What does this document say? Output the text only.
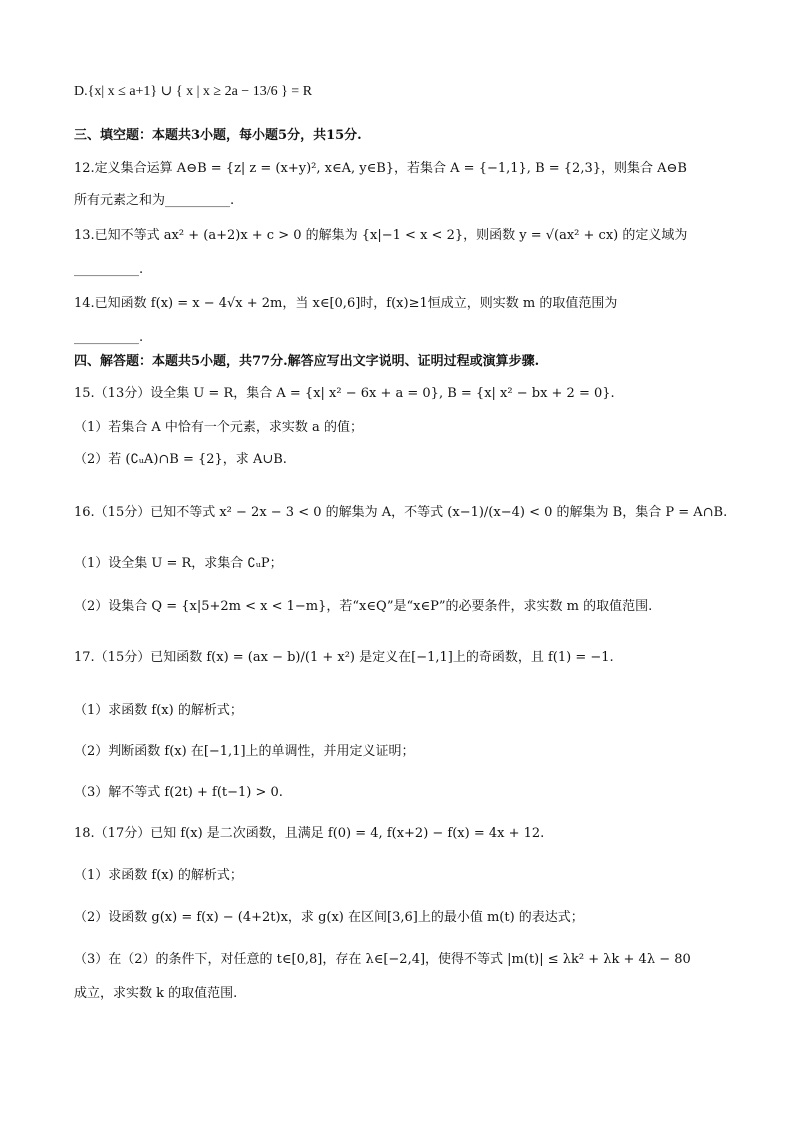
D.{x| x ≤ a+1} ∪ { x | x ≥ 2a − 13/6 } = R
三、填空题：本题共3小题，每小题5分，共15分.
12.定义集合运算 A⊖B = {z| z = (x+y)², x∈A, y∈B}，若集合 A = {−1,1}, B = {2,3}，则集合 A⊖B
所有元素之和为__________.
13.已知不等式 ax² + (a+2)x + c > 0 的解集为 {x|−1 < x < 2}，则函数 y = √(ax² + cx) 的定义域为
__________.
14.已知函数 f(x) = x − 4√x + 2m，当 x∈[0,6]时，f(x)≥1恒成立，则实数 m 的取值范围为
__________.
四、解答题：本题共5小题，共77分.解答应写出文字说明、证明过程或演算步骤.
15.（13分）设全集 U = R，集合 A = {x| x² − 6x + a = 0}, B = {x| x² − bx + 2 = 0}.
（1）若集合 A 中恰有一个元素，求实数 a 的值；
（2）若 (∁ᵤA)∩B = {2}，求 A∪B.
16.（15分）已知不等式 x² − 2x − 3 < 0 的解集为 A，不等式 (x−1)/(x−4) < 0 的解集为 B，集合 P = A∩B.
（1）设全集 U = R，求集合 ∁ᵤP；
（2）设集合 Q = {x|5+2m < x < 1−m}，若“x∈Q”是“x∈P”的必要条件，求实数 m 的取值范围.
17.（15分）已知函数 f(x) = (ax − b)/(1 + x²) 是定义在[−1,1]上的奇函数，且 f(1) = −1.
（1）求函数 f(x) 的解析式；
（2）判断函数 f(x) 在[−1,1]上的单调性，并用定义证明；
（3）解不等式 f(2t) + f(t−1) > 0.
18.（17分）已知 f(x) 是二次函数，且满足 f(0) = 4, f(x+2) − f(x) = 4x + 12.
（1）求函数 f(x) 的解析式；
（2）设函数 g(x) = f(x) − (4+2t)x，求 g(x) 在区间[3,6]上的最小值 m(t) 的表达式；
（3）在（2）的条件下，对任意的 t∈[0,8]，存在 λ∈[−2,4]，使得不等式 |m(t)| ≤ λk² + λk + 4λ − 80
成立，求实数 k 的取值范围.
